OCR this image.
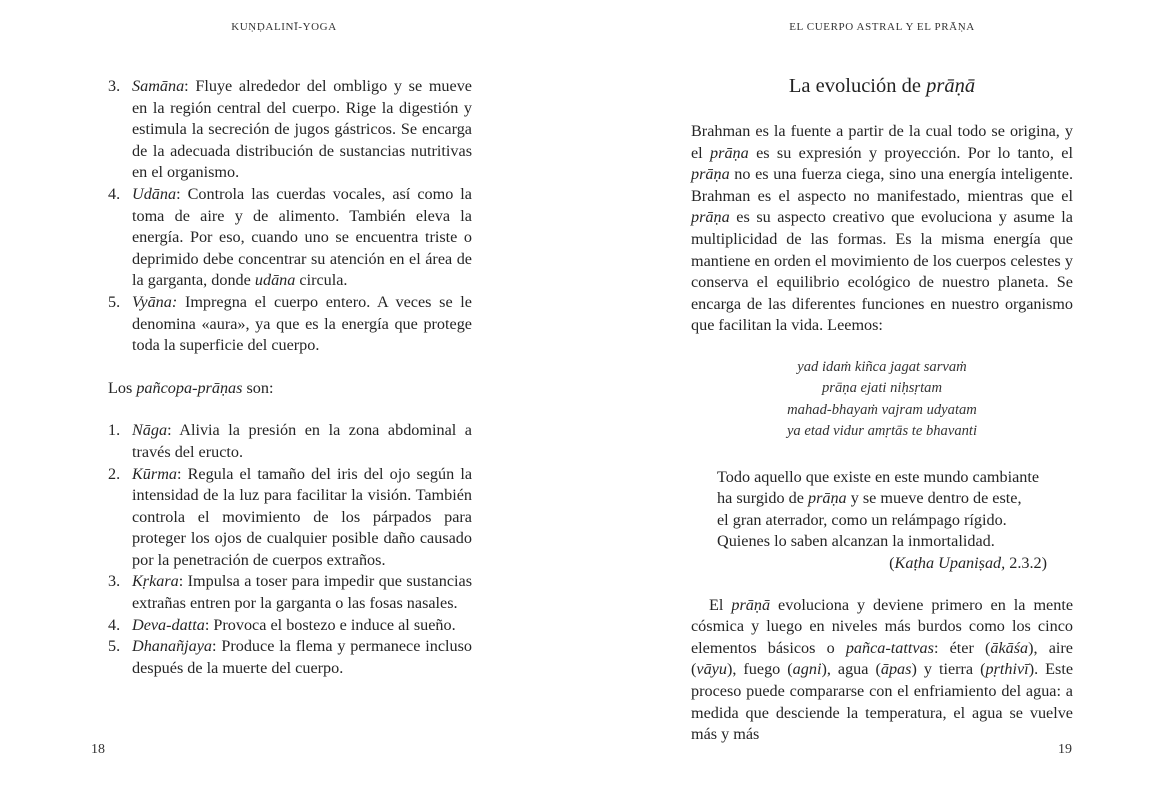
KUṆḌALINĪ-YOGA
3. Samāna: Fluye alrededor del ombligo y se mueve en la región central del cuerpo. Rige la digestión y estimula la secreción de jugos gástricos. Se encarga de la adecuada distribución de sustancias nutritivas en el organismo.
4. Udāna: Controla las cuerdas vocales, así como la toma de aire y de alimento. También eleva la energía. Por eso, cuando uno se encuentra triste o deprimido debe concentrar su atención en el área de la garganta, donde udāna circula.
5. Vyāna: Impregna el cuerpo entero. A veces se le denomina «aura», ya que es la energía que protege toda la superficie del cuerpo.

Los pañcopa-prāṇas son:

1. Nāga: Alivia la presión en la zona abdominal a través del eructo.
2. Kūrma: Regula el tamaño del iris del ojo según la intensidad de la luz para facilitar la visión. También controla el movimiento de los párpados para proteger los ojos de cualquier posible daño causado por la penetración de cuerpos extraños.
3. Kṛkara: Impulsa a toser para impedir que sustancias extrañas entren por la garganta o las fosas nasales.
4. Deva-datta: Provoca el bostezo e induce al sueño.
5. Dhanañjaya: Produce la flema y permanece incluso después de la muerte del cuerpo.
18
EL CUERPO ASTRAL Y EL PRĀṆA
La evolución de prāṇā

Brahman es la fuente a partir de la cual todo se origina, y el prāṇa es su expresión y proyección. Por lo tanto, el prāṇa no es una fuerza ciega, sino una energía inteligente. Brahman es el aspecto no manifestado, mientras que el prāṇa es su aspecto creativo que evoluciona y asume la multiplicidad de las formas. Es la misma energía que mantiene en orden el movimiento de los cuerpos celestes y conserva el equilibrio ecológico de nuestro planeta. Se encarga de las diferentes funciones en nuestro organismo que facilitan la vida. Leemos:

yad idaṁ kiñca jagat sarvaṁ
prāṇa ejati niḥsṛtam
mahad-bhayaṁ vajram udyatam
ya etad vidur amṛtās te bhavanti
Todo aquello que existe en este mundo cambiante
ha surgido de prāṇa y se mueve dentro de este,
el gran aterrador, como un relámpago rígido.
Quienes lo saben alcanzan la inmortalidad.
(Kaṭha Upaniṣad, 2.3.2)

El prāṇā evoluciona y deviene primero en la mente cósmica y luego en niveles más burdos como los cinco elementos básicos o pañca-tattvas: éter (ākāśa), aire (vāyu), fuego (agni), agua (āpas) y tierra (pṛthivī). Este proceso puede compararse con el enfriamiento del agua: a medida que desciende la temperatura, el agua se vuelve más y más

19
